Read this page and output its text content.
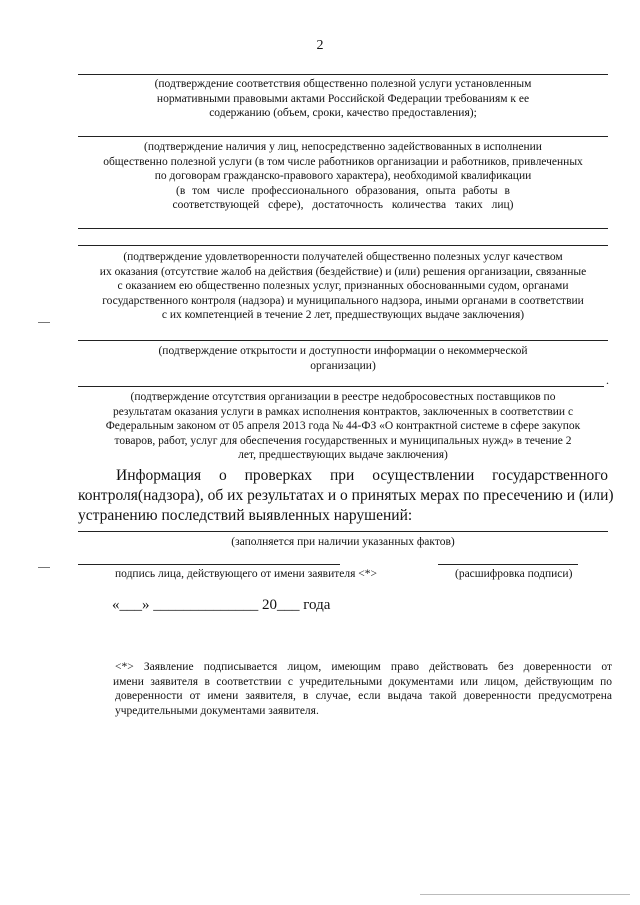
2
(подтверждение соответствия общественно полезной услуги установленным
нормативными правовыми актами Российской Федерации требованиям к ее
содержанию (объем, сроки, качество предоставления);
(подтверждение наличия у лиц, непосредственно задействованных в исполнении
общественно полезной услуги (в том числе работников организации и работников, привлеченных
по договорам гражданско-правового характера), необходимой квалификации
(в том числе профессионального образования, опыта работы в
соответствующей сфере), достаточность количества таких лиц)
(подтверждение удовлетворенности получателей общественно полезных услуг качеством
их оказания (отсутствие жалоб на действия (бездействие) и (или) решения организации, связанные
с оказанием ею общественно полезных услуг, признанных обоснованными судом, органами
государственного контроля (надзора) и муниципального надзора, иными органами в соответствии
с их компетенцией в течение 2 лет, предшествующих выдаче заключения)
(подтверждение открытости и доступности информации о некоммерческой
организации)
.
(подтверждение отсутствия организации в реестре недобросовестных поставщиков по
результатам оказания услуги в рамках исполнения контрактов, заключенных в соответствии с
Федеральным законом от 05 апреля 2013 года № 44-ФЗ «О контрактной системе в сфере закупок
товаров, работ, услуг для обеспечения государственных и муниципальных нужд» в течение 2
лет, предшествующих выдаче заключения)
Информация о проверках при осуществлении государственного
контроля(надзора), об их результатах и о принятых мерах по пресечению и (или)
устранению последствий выявленных нарушений:
(заполняется при наличии указанных фактов)
подпись лица, действующего от имени заявителя <*>	(расшифровка подписи)
«___» ______________ 20___ года
<*> Заявление подписывается лицом, имеющим право действовать без доверенности от
имени заявителя в соответствии с учредительными документами или лицом, действующим по
доверенности от имени заявителя, в случае, если выдача такой доверенности предусмотрена
учредительными документами заявителя.
